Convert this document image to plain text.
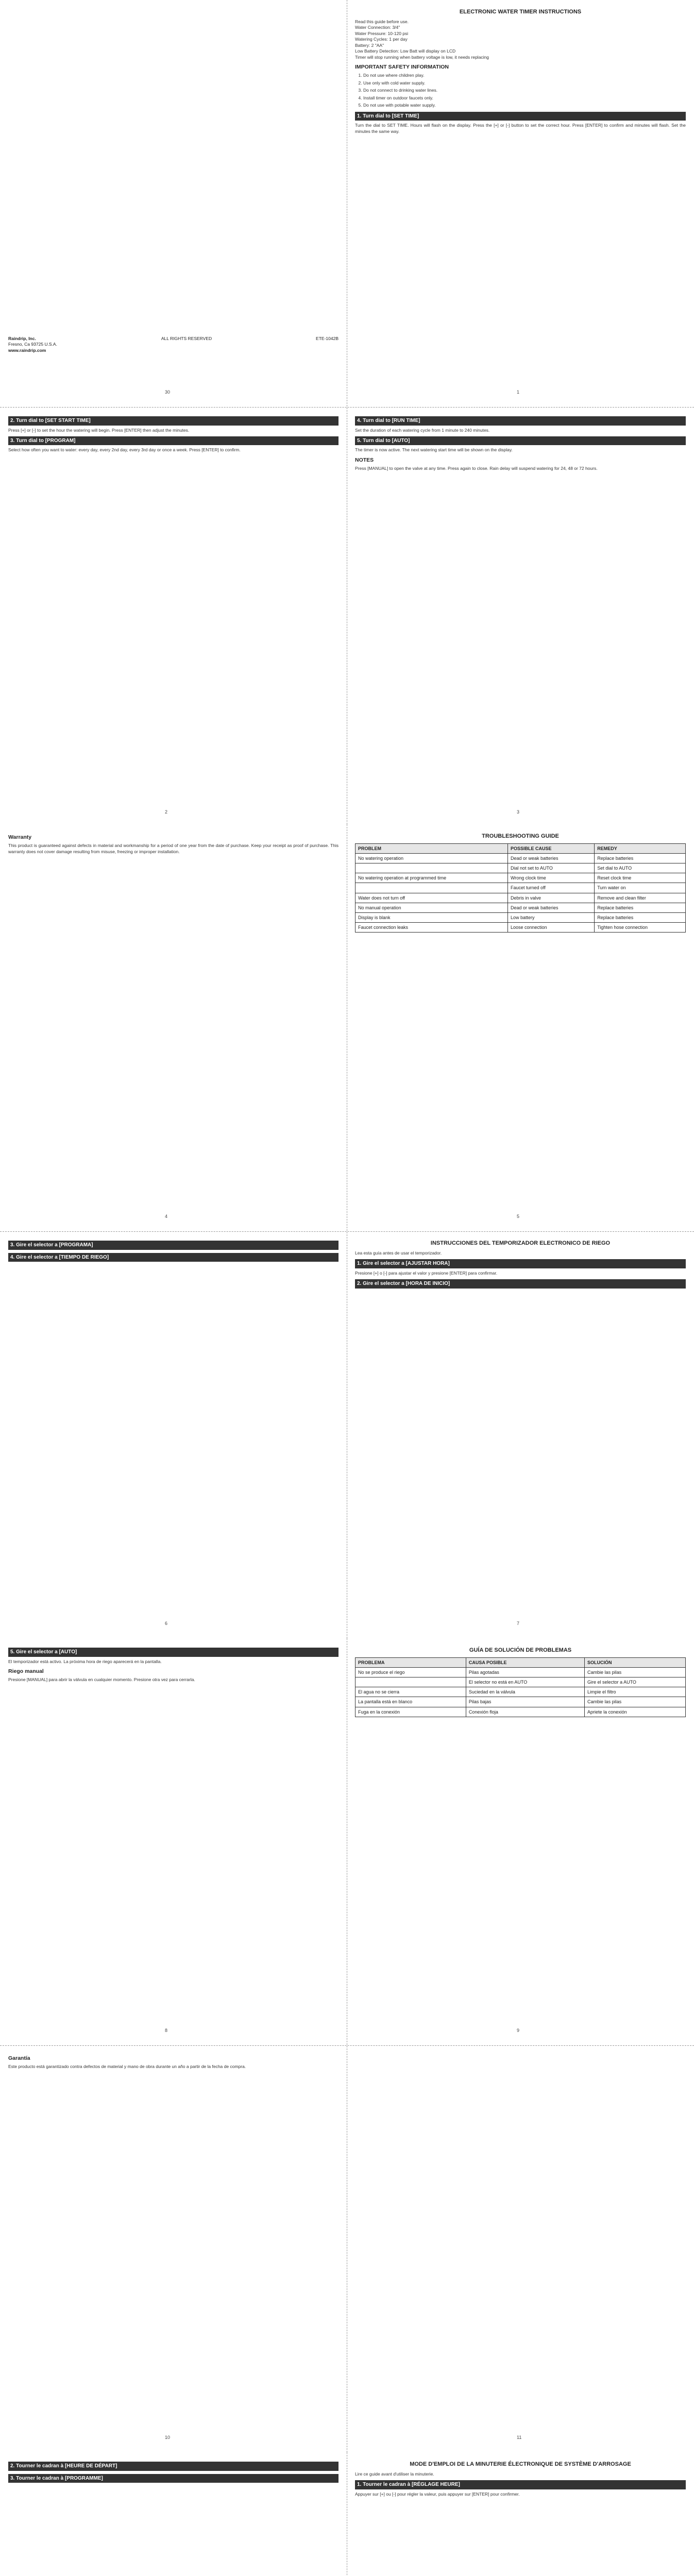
Raindrip, Inc.
Fresno, Ca 93725 U.S.A.
www.raindrip.com
ALL RIGHTS RESERVED	ETE-1042B
30
ELECTRONIC WATER TIMER INSTRUCTIONS
Read this guide before use.
Water Connection: 3/4"
Water Pressure: 10-120 psi
Watering Cycles: 1 per day
Battery: 2 "AA"
Low Battery Detection: Low Batt will display on LCD
Timer will stop running when battery voltage is low, it needs replacing
IMPORTANT SAFETY INFORMATION
1. Do not use where children play.
2. Use only with cold water supply.
3. Do not connect to drinking water lines.
4. Install timer on outdoor faucets only.
5. Do not use with potable water supply.
1. Turn dial to [SET TIME]

Turn the dial to SET TIME. Hours will flash on the display. Press the [+] or [-] button to set the correct hour. Press [ENTER] to confirm and minutes will flash. Set the minutes the same way.

1
2. Turn dial to [SET START TIME]

Press [+] or [-] to set the hour the watering will begin. Press [ENTER] then adjust the minutes.

3. Turn dial to [PROGRAM]

Select how often you want to water: every day, every 2nd day, every 3rd day or once a week. Press [ENTER] to confirm.

2
4. Turn dial to [RUN TIME]

Set the duration of each watering cycle from 1 minute to 240 minutes.

5. Turn dial to [AUTO]

The timer is now active. The next watering start time will be shown on the display.

NOTES

Press [MANUAL] to open the valve at any time. Press again to close. Rain delay will suspend watering for 24, 48 or 72 hours.

3
TROUBLESHOOTING GUIDE
PROBLEM	POSSIBLE CAUSE	REMEDY
No watering operation	Dead or weak batteries	Replace batteries
	Dial not set to AUTO	Set dial to AUTO
No watering operation at programmed time	Wrong clock time	Reset clock time
	Faucet turned off	Turn water on
Water does not turn off	Debris in valve	Remove and clean filter
No manual operation	Dead or weak batteries	Replace batteries
Display is blank	Low battery	Replace batteries
Faucet connection leaks	Loose connection	Tighten hose connection
5
Warranty

This product is guaranteed against defects in material and workmanship for a period of one year from the date of purchase. Keep your receipt as proof of purchase. This warranty does not cover damage resulting from misuse, freezing or improper installation.

4
INSTRUCCIONES DEL TEMPORIZADOR ELECTRONICO DE RIEGO

Lea esta guía antes de usar el temporizador.

1. Gire el selector a [AJUSTAR HORA]

Presione [+] o [-] para ajustar el valor y presione [ENTER] para confirmar.

2. Gire el selector a [HORA DE INICIO]
7
3. Gire el selector a [PROGRAMA]
4. Gire el selector a [TIEMPO DE RIEGO]
6
5. Gire el selector a [AUTO]

El temporizador está activo. La próxima hora de riego aparecerá en la pantalla.

Riego manual

Presione [MANUAL] para abrir la válvula en cualquier momento. Presione otra vez para cerrarla.

8
GUÍA DE SOLUCIÓN DE PROBLEMAS
PROBLEMA	CAUSA POSIBLE	SOLUCIÓN
No se produce el riego	Pilas agotadas	Cambie las pilas
	El selector no está en AUTO	Gire el selector a AUTO
El agua no se cierra	Suciedad en la válvula	Limpie el filtro
La pantalla está en blanco	Pilas bajas	Cambie las pilas
Fuga en la conexión	Conexión floja	Apriete la conexión
9
Garantía

Este producto está garantizado contra defectos de material y mano de obra durante un año a partir de la fecha de compra.

10	11
MODE D'EMPLOI DE LA MINUTERIE ÉLECTRONIQUE DE SYSTÈME D'ARROSAGE

Lire ce guide avant d'utiliser la minuterie.

1. Tourner le cadran à [RÉGLAGE HEURE]

Appuyer sur [+] ou [-] pour régler la valeur, puis appuyer sur [ENTER] pour confirmer.

2. Tourner le cadran à [HEURE DE DÉPART]
3. Tourner le cadran à [PROGRAMME]
